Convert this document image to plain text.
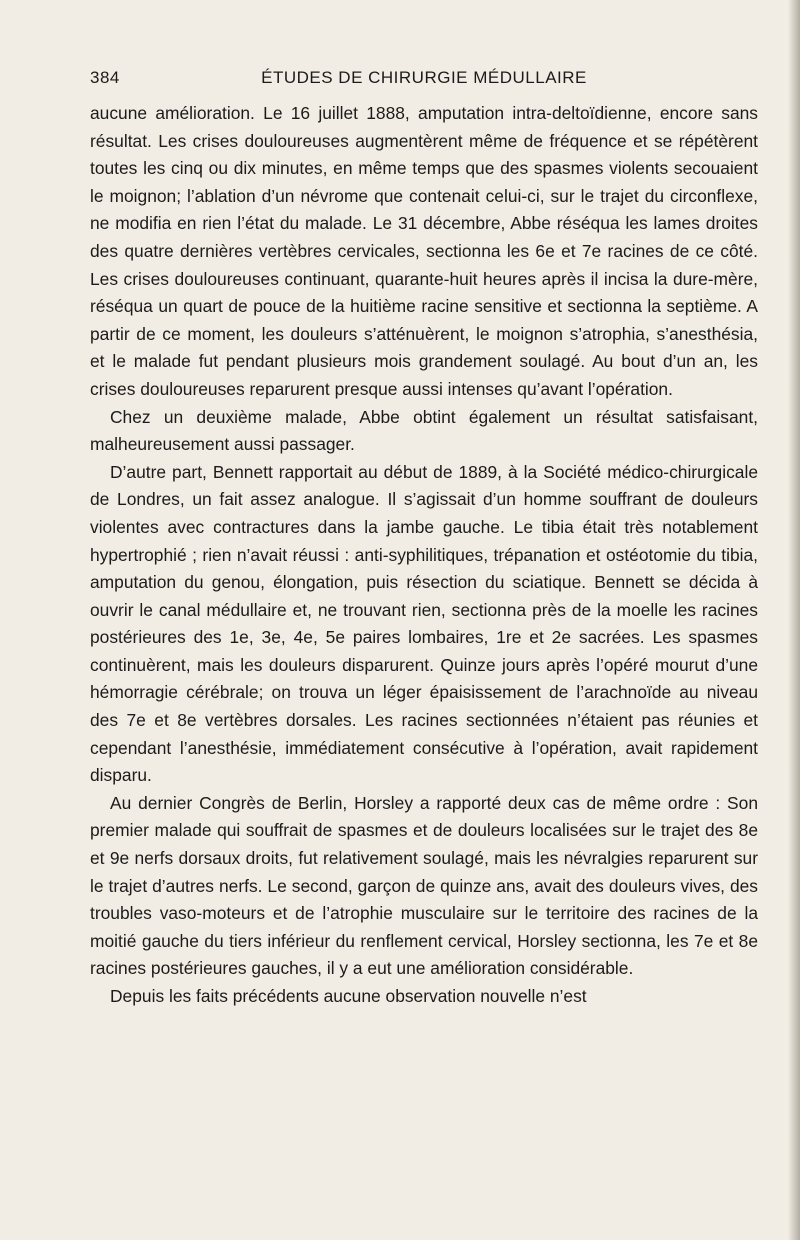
384	ÉTUDES DE CHIRURGIE MÉDULLAIRE

aucune amélioration. Le 16 juillet 1888, amputation intra-deltoïdienne, encore sans résultat. Les crises douloureuses augmentèrent même de fréquence et se répétèrent toutes les cinq ou dix minutes, en même temps que des spasmes violents secouaient le moignon; l’ablation d’un névrome que contenait celui-ci, sur le trajet du circonflexe, ne modifia en rien l’état du malade. Le 31 décembre, Abbe réséqua les lames droites des quatre dernières vertèbres cervicales, sectionna les 6e et 7e racines de ce côté. Les crises douloureuses continuant, quarante-huit heures après il incisa la dure-mère, réséqua un quart de pouce de la huitième racine sensitive et sectionna la septième. A partir de ce moment, les douleurs s’atténuèrent, le moignon s’atrophia, s’anesthésia, et le malade fut pendant plusieurs mois grandement soulagé. Au bout d’un an, les crises douloureuses reparurent presque aussi intenses qu’avant l’opération.

Chez un deuxième malade, Abbe obtint également un résultat satisfaisant, malheureusement aussi passager.

D’autre part, Bennett rapportait au début de 1889, à la Société médico-chirurgicale de Londres, un fait assez analogue. Il s’agissait d’un homme souffrant de douleurs violentes avec contractures dans la jambe gauche. Le tibia était très notablement hypertrophié ; rien n’avait réussi : anti-syphilitiques, trépanation et ostéotomie du tibia, amputation du genou, élongation, puis résection du sciatique. Bennett se décida à ouvrir le canal médullaire et, ne trouvant rien, sectionna près de la moelle les racines postérieures des 1e, 3e, 4e, 5e paires lombaires, 1re et 2e sacrées. Les spasmes continuèrent, mais les douleurs disparurent. Quinze jours après l’opéré mourut d’une hémorragie cérébrale; on trouva un léger épaisissement de l’arachnoïde au niveau des 7e et 8e vertèbres dorsales. Les racines sectionnées n’étaient pas réunies et cependant l’anesthésie, immédiatement consécutive à l’opération, avait rapidement disparu.

Au dernier Congrès de Berlin, Horsley a rapporté deux cas de même ordre : Son premier malade qui souffrait de spasmes et de douleurs localisées sur le trajet des 8e et 9e nerfs dorsaux droits, fut relativement soulagé, mais les névralgies reparurent sur le trajet d’autres nerfs. Le second, garçon de quinze ans, avait des douleurs vives, des troubles vaso-moteurs et de l’atrophie musculaire sur le territoire des racines de la moitié gauche du tiers inférieur du renflement cervical, Horsley sectionna, les 7e et 8e racines postérieures gauches, il y a eut une amélioration considérable.

Depuis les faits précédents aucune observation nouvelle n’est
